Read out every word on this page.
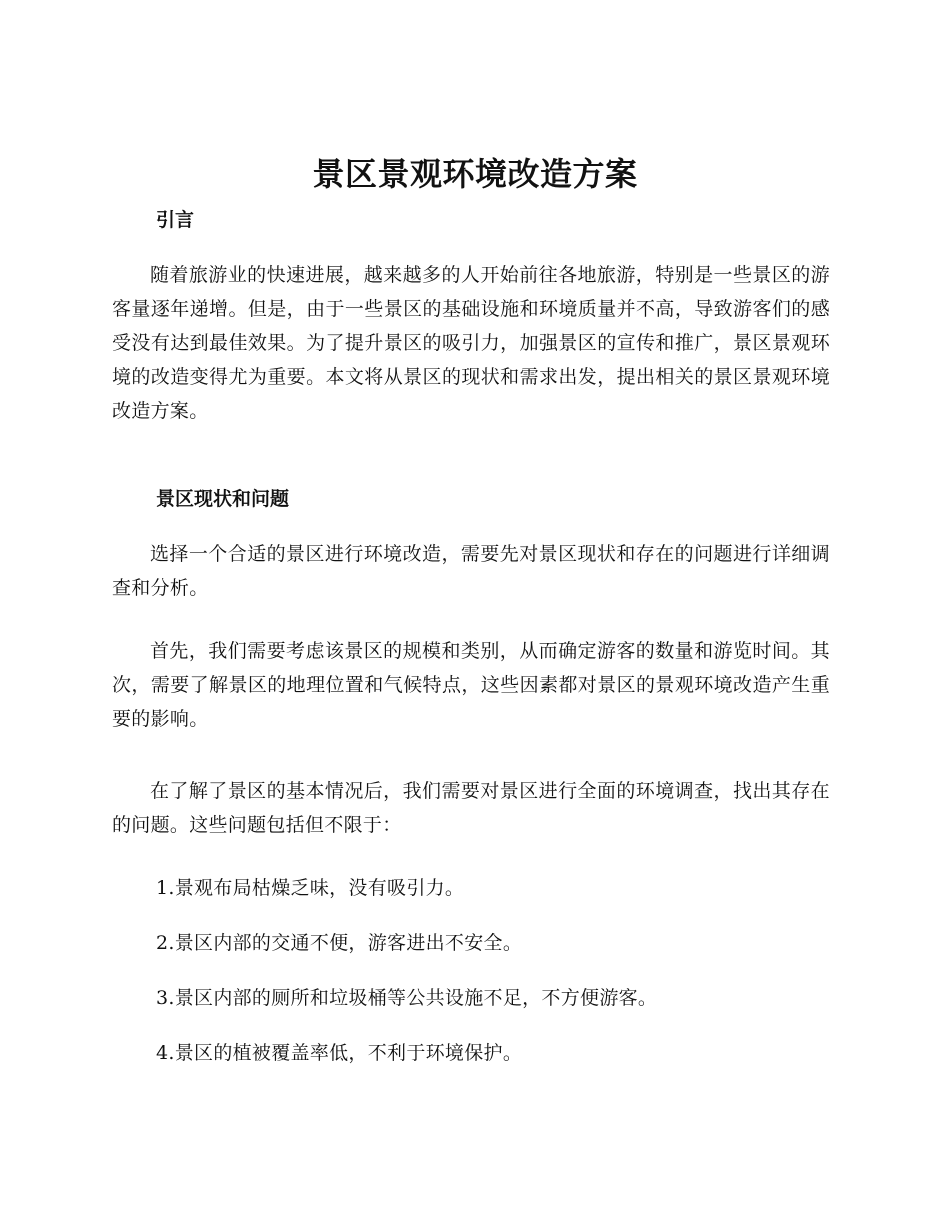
景区景观环境改造方案
引言

随着旅游业的快速进展，越来越多的人开始前往各地旅游，特别是一些景区的游客量逐年递增。但是，由于一些景区的基础设施和环境质量并不高，导致游客们的感受没有达到最佳效果。为了提升景区的吸引力，加强景区的宣传和推广，景区景观环境的改造变得尤为重要。本文将从景区的现状和需求出发，提出相关的景区景观环境改造方案。

景区现状和问题

选择一个合适的景区进行环境改造，需要先对景区现状和存在的问题进行详细调查和分析。

首先，我们需要考虑该景区的规模和类别，从而确定游客的数量和游览时间。其次，需要了解景区的地理位置和气候特点，这些因素都对景区的景观环境改造产生重要的影响。

在了解了景区的基本情况后，我们需要对景区进行全面的环境调查，找出其存在的问题。这些问题包括但不限于：

1.景观布局枯燥乏味，没有吸引力。

2.景区内部的交通不便，游客进出不安全。

3.景区内部的厕所和垃圾桶等公共设施不足，不方便游客。

4.景区的植被覆盖率低，不利于环境保护。
